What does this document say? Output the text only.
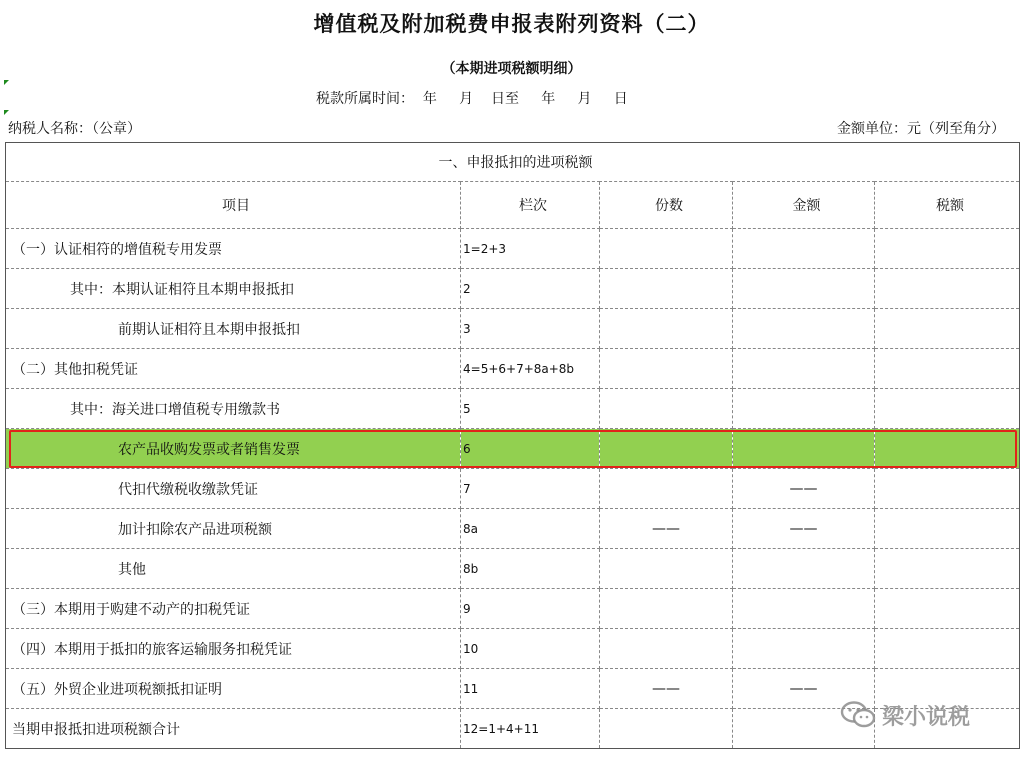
增值税及附加税费申报表附列资料（二）
（本期进项税额明细）
税款所属时间：  年     月    日至     年     月     日
纳税人名称：（公章）	金额单位：元（列至角分）
一、申报抵扣的进项税额				
项目	栏次	份数	金额	税额
（一）认证相符的增值税专用发票	1=2+3			
其中：本期认证相符且本期申报抵扣	2			
前期认证相符且本期申报抵扣	3			
（二）其他扣税凭证	4=5+6+7+8a+8b			
其中：海关进口增值税专用缴款书	5			
农产品收购发票或者销售发票	6			
代扣代缴税收缴款凭证	7		——	
加计扣除农产品进项税额	8a	——	——	
其他	8b			
（三）本期用于购建不动产的扣税凭证	9			
（四）本期用于抵扣的旅客运输服务扣税凭证	10			
（五）外贸企业进项税额抵扣证明	11	——	——	
当期申报抵扣进项税额合计	12=1+4+11				梁小说税
